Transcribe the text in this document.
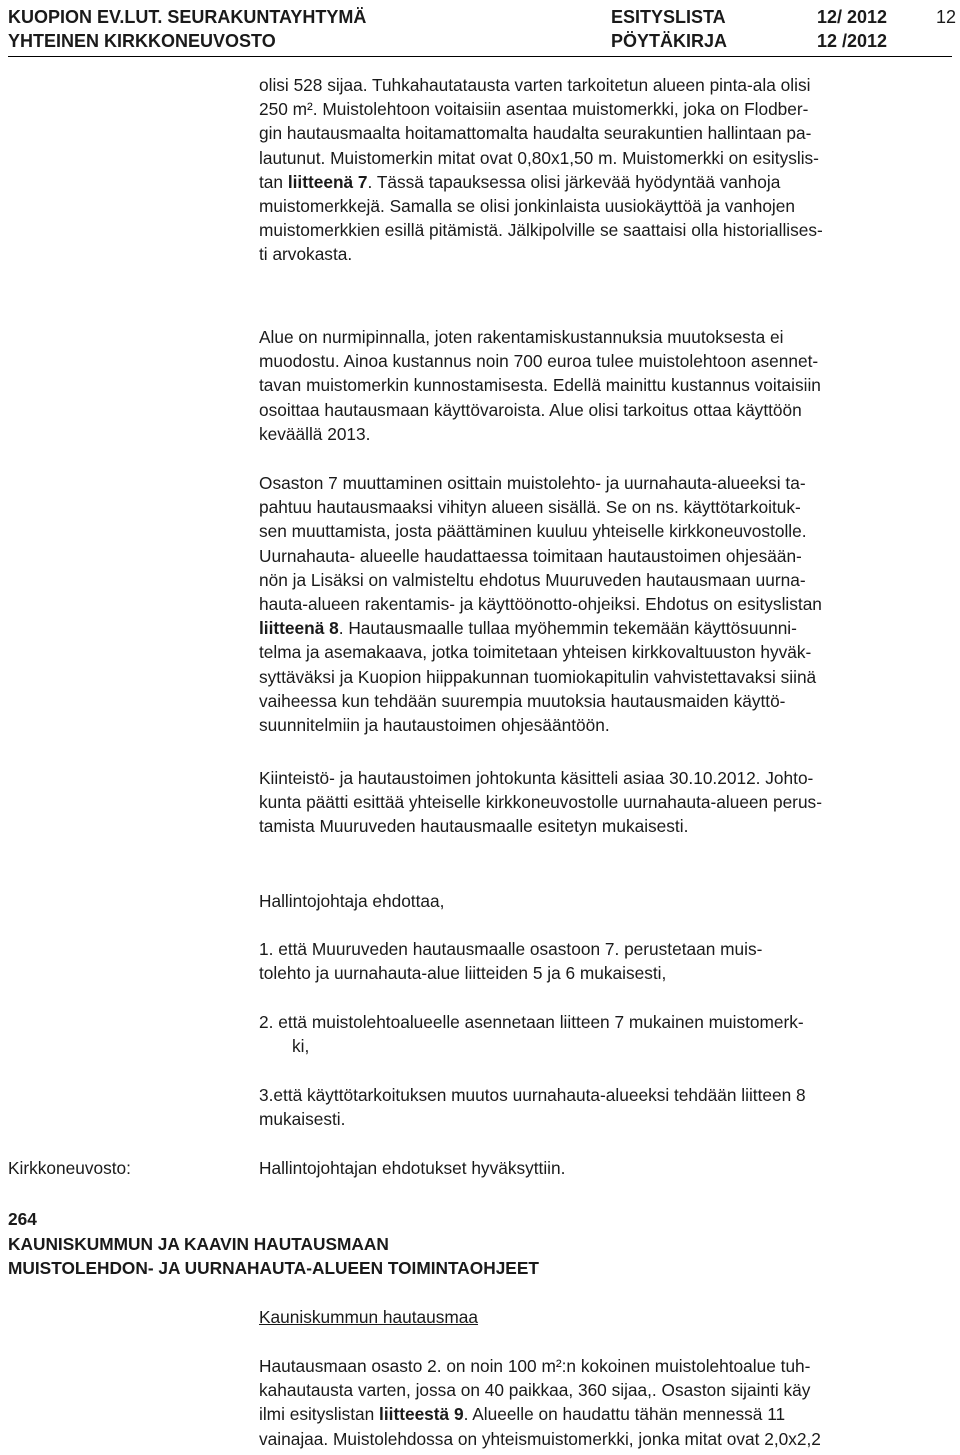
KUOPION EV.LUT. SEURAKUNTAYHTYMÄ
YHTEINEN KIRKKONEUVOSTO
ESITYSLISTA
PÖYTÄKIRJA
12/ 2012
12 /2012
12
olisi 528 sijaa. Tuhkahautatausta varten tarkoitetun alueen pinta-ala olisi
250 m². Muistolehtoon voitaisiin asentaa muistomerkki, joka on Flodber-
gin hautausmaalta hoitamattomalta haudalta seurakuntien hallintaan pa-
lautunut. Muistomerkin mitat ovat 0,80x1,50 m. Muistomerkki on esityslis-
tan liitteenä 7. Tässä tapauksessa olisi järkevää hyödyntää vanhoja
muistomerkkejä. Samalla se olisi jonkinlaista uusiokäyttöä ja vanhojen
muistomerkkien esillä pitämistä. Jälkipolville se saattaisi olla historiallises-
ti arvokasta.
Alue on nurmipinnalla, joten rakentamiskustannuksia muutoksesta ei
muodostu. Ainoa kustannus noin 700 euroa tulee muistolehtoon asennet-
tavan muistomerkin kunnostamisesta. Edellä mainittu kustannus voitaisiin
osoittaa hautausmaan käyttövaroista. Alue olisi tarkoitus ottaa käyttöön
keväällä 2013.
Osaston 7 muuttaminen osittain muistolehto- ja uurnahauta-alueeksi ta-
pahtuu hautausmaaksi vihityn alueen sisällä. Se on ns. käyttötarkoituk-
sen muuttamista, josta päättäminen kuuluu yhteiselle kirkkoneuvostolle.
Uurnahauta- alueelle haudattaessa toimitaan hautaustoimen ohjesään-
nön ja Lisäksi on valmisteltu ehdotus Muuruveden hautausmaan uurna-
hauta-alueen rakentamis- ja käyttöönotto-ohjeiksi. Ehdotus on esityslistan
liitteenä 8. Hautausmaalle tullaa myöhemmin tekemään käyttösuunni-
telma ja asemakaava, jotka toimitetaan yhteisen kirkkovaltuuston hyväk-
syttäväksi ja Kuopion hiippakunnan tuomiokapitulin vahvistettavaksi siinä
vaiheessa kun tehdään suurempia muutoksia hautausmaiden käyttö-
suunnitelmiin ja hautaustoimen ohjesääntöön.
Kiinteistö- ja hautaustoimen johtokunta käsitteli asiaa 30.10.2012. Johto-
kunta päätti esittää yhteiselle kirkkoneuvostolle uurnahauta-alueen perus-
tamista Muuruveden hautausmaalle esitetyn mukaisesti.
Hallintojohtaja ehdottaa,
1. että Muuruveden hautausmaalle osastoon 7. perustetaan muis-
tolehto ja uurnahauta-alue liitteiden 5 ja 6 mukaisesti,
2. että muistolehtoalueelle asennetaan liitteen 7 mukainen muistomerk-
ki,
3.että käyttötarkoituksen muutos uurnahauta-alueeksi tehdään liitteen 8
mukaisesti.
Hallintojohtajan ehdotukset hyväksyttiin.
Kirkkoneuvosto:
264
KAUNISKUMMUN JA KAAVIN HAUTAUSMAAN
MUISTOLEHDON- JA UURNAHAUTA-ALUEEN TOIMINTAOHJEET
Kauniskummun hautausmaa
Hautausmaan osasto 2. on noin 100 m²:n kokoinen muistolehtoalue tuh-
kahautausta varten, jossa on 40 paikkaa, 360 sijaa,. Osaston sijainti käy
ilmi esityslistan liitteestä 9. Alueelle on haudattu tähän mennessä 11
vainajaa. Muistolehdossa on yhteismuistomerkki, jonka mitat ovat 2,0x2,2
